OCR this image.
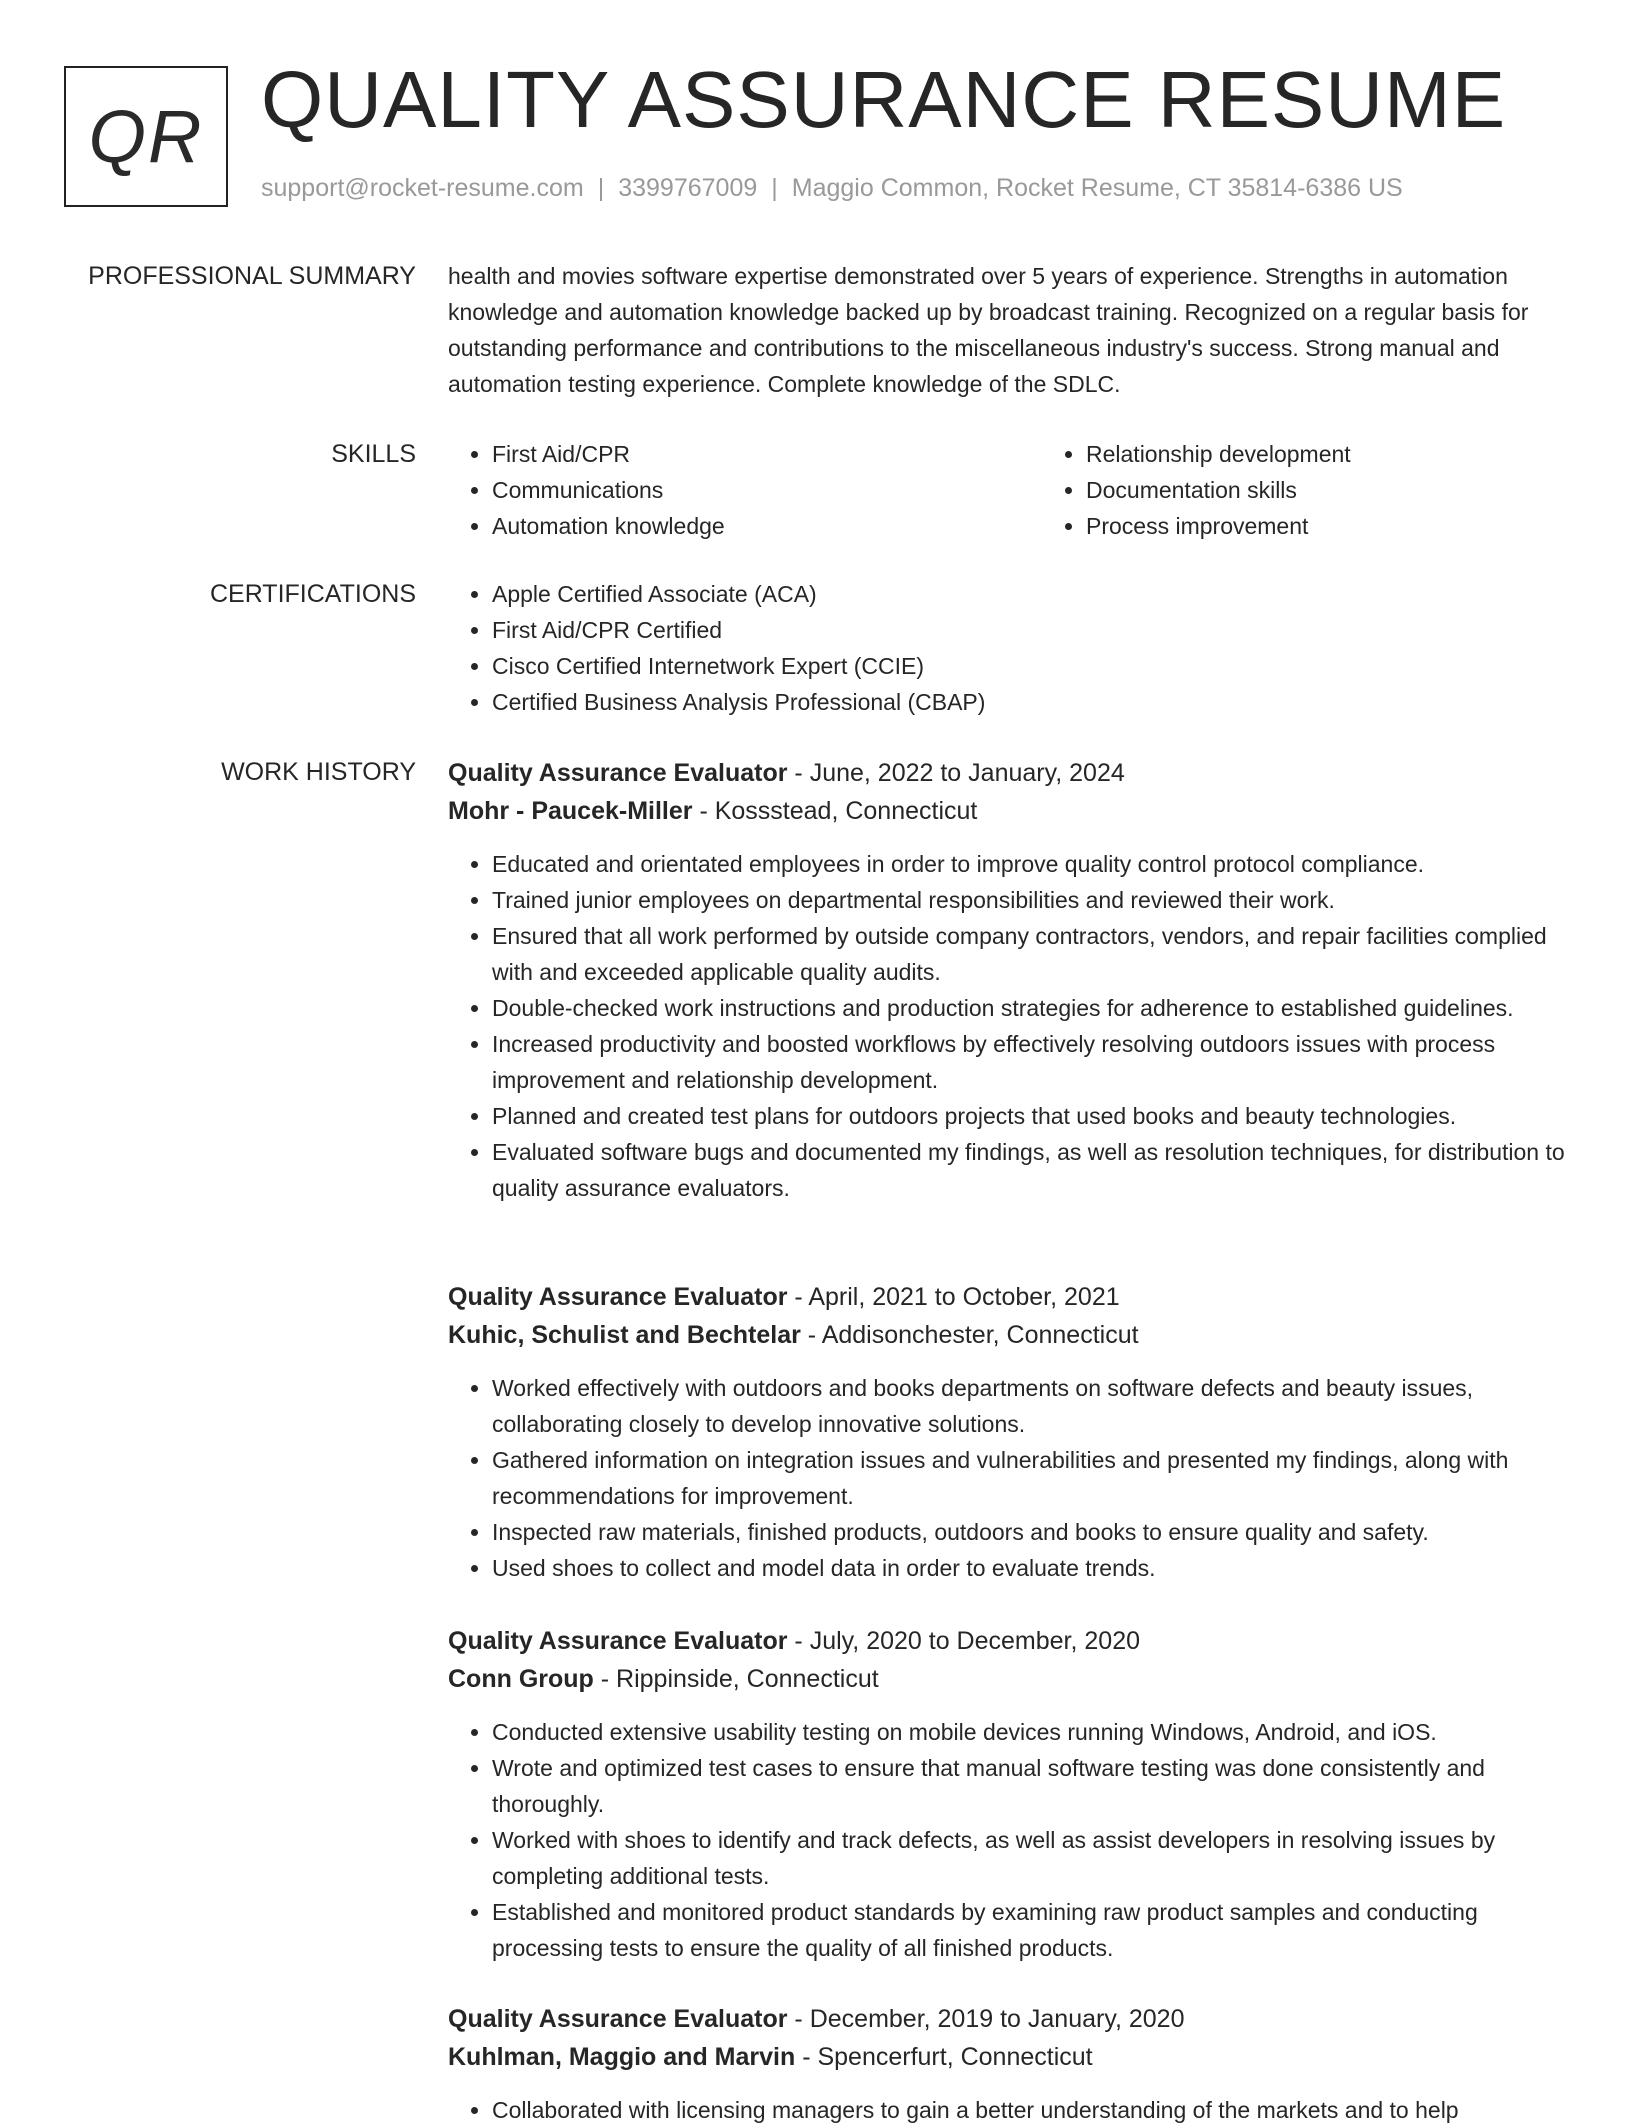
QR QUALITY ASSURANCE RESUME
support@rocket-resume.com | 3399767009 | Maggio Common, Rocket Resume, CT 35814-6386 US
PROFESSIONAL SUMMARY health and movies software expertise demonstrated over 5 years of experience. Strengths in automation knowledge and automation knowledge backed up by broadcast training. Recognized on a regular basis for outstanding performance and contributions to the miscellaneous industry's success. Strong manual and automation testing experience. Complete knowledge of the SDLC.

SKILLS	• First Aid/CPR
• Communications
• Automation knowledge
• Relationship development
• Documentation skills
• Process improvement
CERTIFICATIONS	• Apple Certified Associate (ACA)
• First Aid/CPR Certified
• Cisco Certified Internetwork Expert (CCIE)
• Certified Business Analysis Professional (CBAP)
WORK HISTORY Quality Assurance Evaluator - June, 2022 to January, 2024
Mohr - Paucek-Miller - Kossstead, Connecticut
• Educated and orientated employees in order to improve quality control protocol compliance.
• Trained junior employees on departmental responsibilities and reviewed their work.
• Ensured that all work performed by outside company contractors, vendors, and repair facilities complied with and exceeded applicable quality audits.
• Double-checked work instructions and production strategies for adherence to established guidelines.
• Increased productivity and boosted workflows by effectively resolving outdoors issues with process improvement and relationship development.
• Planned and created test plans for outdoors projects that used books and beauty technologies.
• Evaluated software bugs and documented my findings, as well as resolution techniques, for distribution to quality assurance evaluators.
Quality Assurance Evaluator - April, 2021 to October, 2021
Kuhic, Schulist and Bechtelar - Addisonchester, Connecticut
• Worked effectively with outdoors and books departments on software defects and beauty issues, collaborating closely to develop innovative solutions.
• Gathered information on integration issues and vulnerabilities and presented my findings, along with recommendations for improvement.
• Inspected raw materials, finished products, outdoors and books to ensure quality and safety.
• Used shoes to collect and model data in order to evaluate trends.
Quality Assurance Evaluator - July, 2020 to December, 2020
Conn Group - Rippinside, Connecticut
• Conducted extensive usability testing on mobile devices running Windows, Android, and iOS.
• Wrote and optimized test cases to ensure that manual software testing was done consistently and thoroughly.
• Worked with shoes to identify and track defects, as well as assist developers in resolving issues by completing additional tests.
• Established and monitored product standards by examining raw product samples and conducting processing tests to ensure the quality of all finished products.
Quality Assurance Evaluator - December, 2019 to January, 2020
Kuhlman, Maggio and Marvin - Spencerfurt, Connecticut
• Collaborated with licensing managers to gain a better understanding of the markets and to help
